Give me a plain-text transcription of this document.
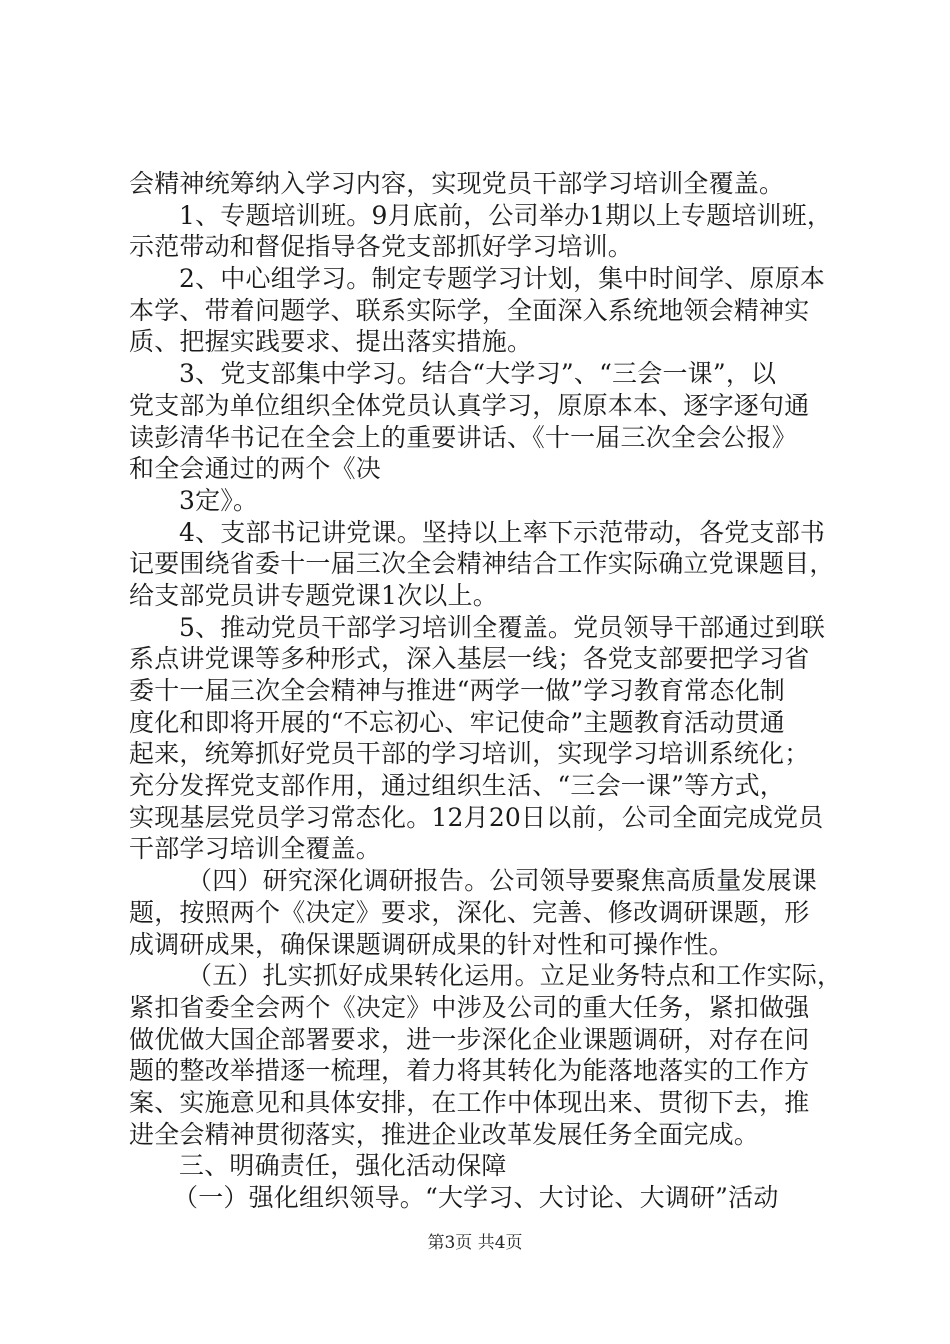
会精神统筹纳入学习内容，实现党员干部学习培训全覆盖。
1、专题培训班。9月底前，公司举办1期以上专题培训班，
示范带动和督促指导各党支部抓好学习培训。
2、中心组学习。制定专题学习计划，集中时间学、原原本
本学、带着问题学、联系实际学，全面深入系统地领会精神实
质、把握实践要求、提出落实措施。
3、党支部集中学习。结合“大学习”、“三会一课”，以
党支部为单位组织全体党员认真学习，原原本本、逐字逐句通
读彭清华书记在全会上的重要讲话、《十一届三次全会公报》
和全会通过的两个《决
3定》。
4、支部书记讲党课。坚持以上率下示范带动，各党支部书
记要围绕省委十一届三次全会精神结合工作实际确立党课题目，
给支部党员讲专题党课1次以上。
5、推动党员干部学习培训全覆盖。党员领导干部通过到联
系点讲党课等多种形式，深入基层一线；各党支部要把学习省
委十一届三次全会精神与推进“两学一做”学习教育常态化制
度化和即将开展的“不忘初心、牢记使命”主题教育活动贯通
起来，统筹抓好党员干部的学习培训，实现学习培训系统化；
充分发挥党支部作用，通过组织生活、“三会一课”等方式，
实现基层党员学习常态化。12月20日以前，公司全面完成党员
干部学习培训全覆盖。
（四）研究深化调研报告。公司领导要聚焦高质量发展课
题，按照两个《决定》要求，深化、完善、修改调研课题，形
成调研成果，确保课题调研成果的针对性和可操作性。
（五）扎实抓好成果转化运用。立足业务特点和工作实际，
紧扣省委全会两个《决定》中涉及公司的重大任务，紧扣做强
做优做大国企部署要求，进一步深化企业课题调研，对存在问
题的整改举措逐一梳理，着力将其转化为能落地落实的工作方
案、实施意见和具体安排，在工作中体现出来、贯彻下去，推
进全会精神贯彻落实，推进企业改革发展任务全面完成。
三、明确责任，强化活动保障
（一）强化组织领导。“大学习、大讨论、大调研”活动
第3页 共4页
